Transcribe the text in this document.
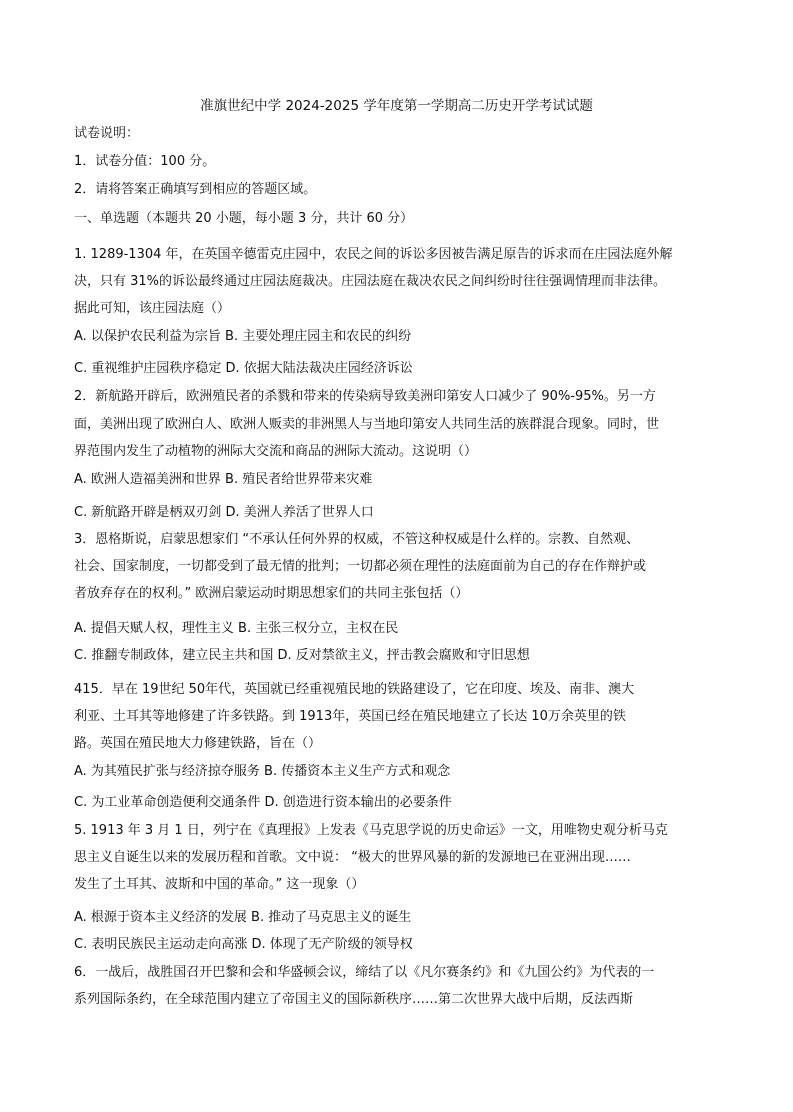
准旗世纪中学 2024-2025 学年度第一学期高二历史开学考试试题
试卷说明：
1．试卷分值：100 分。
2．请将答案正确填写到相应的答题区域。
一、单选题（本题共 20 小题，每小题 3 分，共计 60 分）
1. 1289-1304 年，在英国辛德雷克庄园中，农民之间的诉讼多因被告满足原告的诉求而在庄园法庭外解
决，只有 31%的诉讼最终通过庄园法庭裁决。庄园法庭在裁决农民之间纠纷时往往强调情理而非法律。
据此可知，该庄园法庭（）
A. 以保护农民利益为宗旨 B. 主要处理庄园主和农民的纠纷
C. 重视维护庄园秩序稳定 D. 依据大陆法裁决庄园经济诉讼
2．新航路开辟后，欧洲殖民者的杀戮和带来的传染病导致美洲印第安人口减少了 90%-95%。另一方
面，美洲出现了欧洲白人、欧洲人贩卖的非洲黑人与当地印第安人共同生活的族群混合现象。同时，世
界范围内发生了动植物的洲际大交流和商品的洲际大流动。这说明（）
A. 欧洲人造福美洲和世界 B. 殖民者给世界带来灾难
C. 新航路开辟是柄双刃剑 D. 美洲人养活了世界人口
3．恩格斯说，启蒙思想家们 “不承认任何外界的权威，不管这种权威是什么样的。宗教、自然观、
社会、国家制度，一切都受到了最无情的批判；一切都必须在理性的法庭面前为自己的存在作辩护或
者放弃存在的权利。” 欧洲启蒙运动时期思想家们的共同主张包括（）
A. 提倡天赋人权，理性主义 B. 主张三权分立，主权在民
C. 推翻专制政体，建立民主共和国 D. 反对禁欲主义，抨击教会腐败和守旧思想
415．早在 19世纪 50年代，英国就已经重视殖民地的铁路建设了，它在印度、埃及、南非、澳大
利亚、土耳其等地修建了许多铁路。到 1913年，英国已经在殖民地建立了长达 10万余英里的铁
路。英国在殖民地大力修建铁路，旨在（）
A. 为其殖民扩张与经济掠夺服务 B. 传播资本主义生产方式和观念
C. 为工业革命创造便利交通条件 D. 创造进行资本输出的必要条件
5. 1913 年 3 月 1 日，列宁在《真理报》上发表《马克思学说的历史命运》一文，用唯物史观分析马克
思主义自诞生以来的发展历程和首歌。文中说： “极大的世界风暴的新的发源地已在亚洲出现……
发生了土耳其、波斯和中国的革命。” 这一现象（）
A. 根源于资本主义经济的发展 B. 推动了马克思主义的诞生
C. 表明民族民主运动走向高涨 D. 体现了无产阶级的领导权
6．一战后，战胜国召开巴黎和会和华盛顿会议，缔结了以《凡尔赛条约》和《九国公约》为代表的一
系列国际条约，在全球范围内建立了帝国主义的国际新秩序……第二次世界大战中后期，反法西斯
